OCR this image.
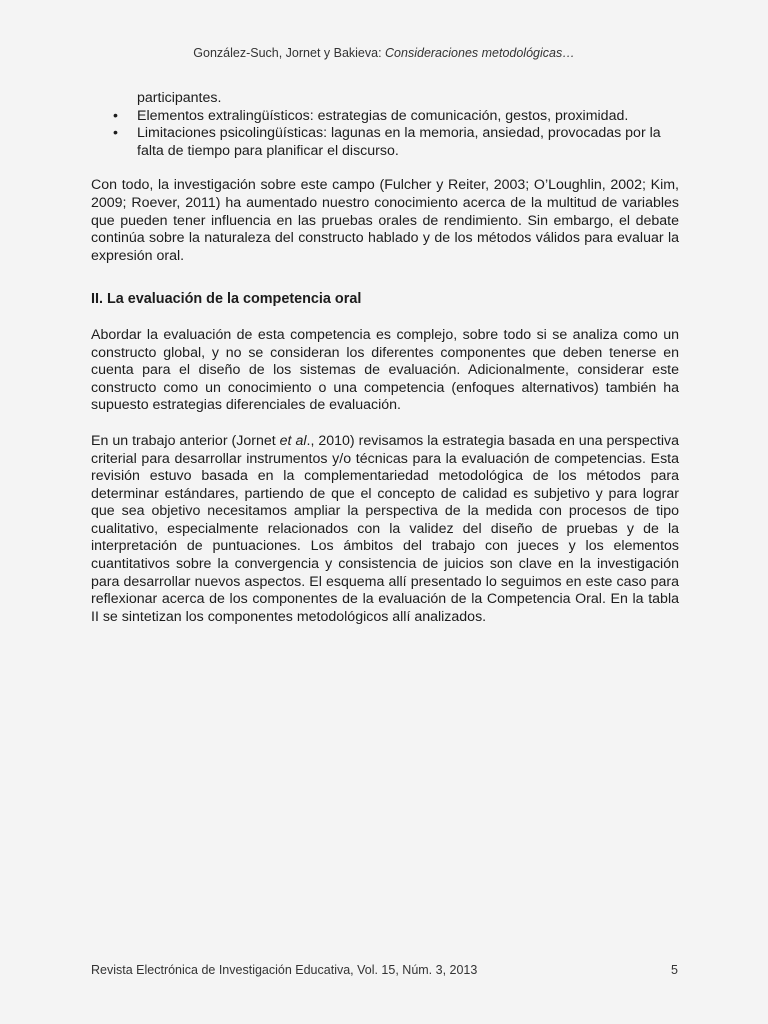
González-Such, Jornet y Bakieva: Consideraciones metodológicas…

participantes.

• Elementos extralingüísticos: estrategias de comunicación, gestos, proximidad.
• Limitaciones psicolingüísticas: lagunas en la memoria, ansiedad, provocadas por la falta de tiempo para planificar el discurso.

Con todo, la investigación sobre este campo (Fulcher y Reiter, 2003; O’Loughlin, 2002; Kim, 2009; Roever, 2011) ha aumentado nuestro conocimiento acerca de la multitud de variables que pueden tener influencia en las pruebas orales de rendimiento. Sin embargo, el debate continúa sobre la naturaleza del constructo hablado y de los métodos válidos para evaluar la expresión oral.

II. La evaluación de la competencia oral

Abordar la evaluación de esta competencia es complejo, sobre todo si se analiza como un constructo global, y no se consideran los diferentes componentes que deben tenerse en cuenta para el diseño de los sistemas de evaluación. Adicionalmente, considerar este constructo como un conocimiento o una competencia (enfoques alternativos) también ha supuesto estrategias diferenciales de evaluación.

En un trabajo anterior (Jornet et al., 2010) revisamos la estrategia basada en una perspectiva criterial para desarrollar instrumentos y/o técnicas para la evaluación de competencias. Esta revisión estuvo basada en la complementariedad metodológica de los métodos para determinar estándares, partiendo de que el concepto de calidad es subjetivo y para lograr que sea objetivo necesitamos ampliar la perspectiva de la medida con procesos de tipo cualitativo, especialmente relacionados con la validez del diseño de pruebas y de la interpretación de puntuaciones. Los ámbitos del trabajo con jueces y los elementos cuantitativos sobre la convergencia y consistencia de juicios son clave en la investigación para desarrollar nuevos aspectos. El esquema allí presentado lo seguimos en este caso para reflexionar acerca de los componentes de la evaluación de la Competencia Oral. En la tabla II se sintetizan los componentes metodológicos allí analizados.

Revista Electrónica de Investigación Educativa, Vol. 15, Núm. 3, 2013	5
